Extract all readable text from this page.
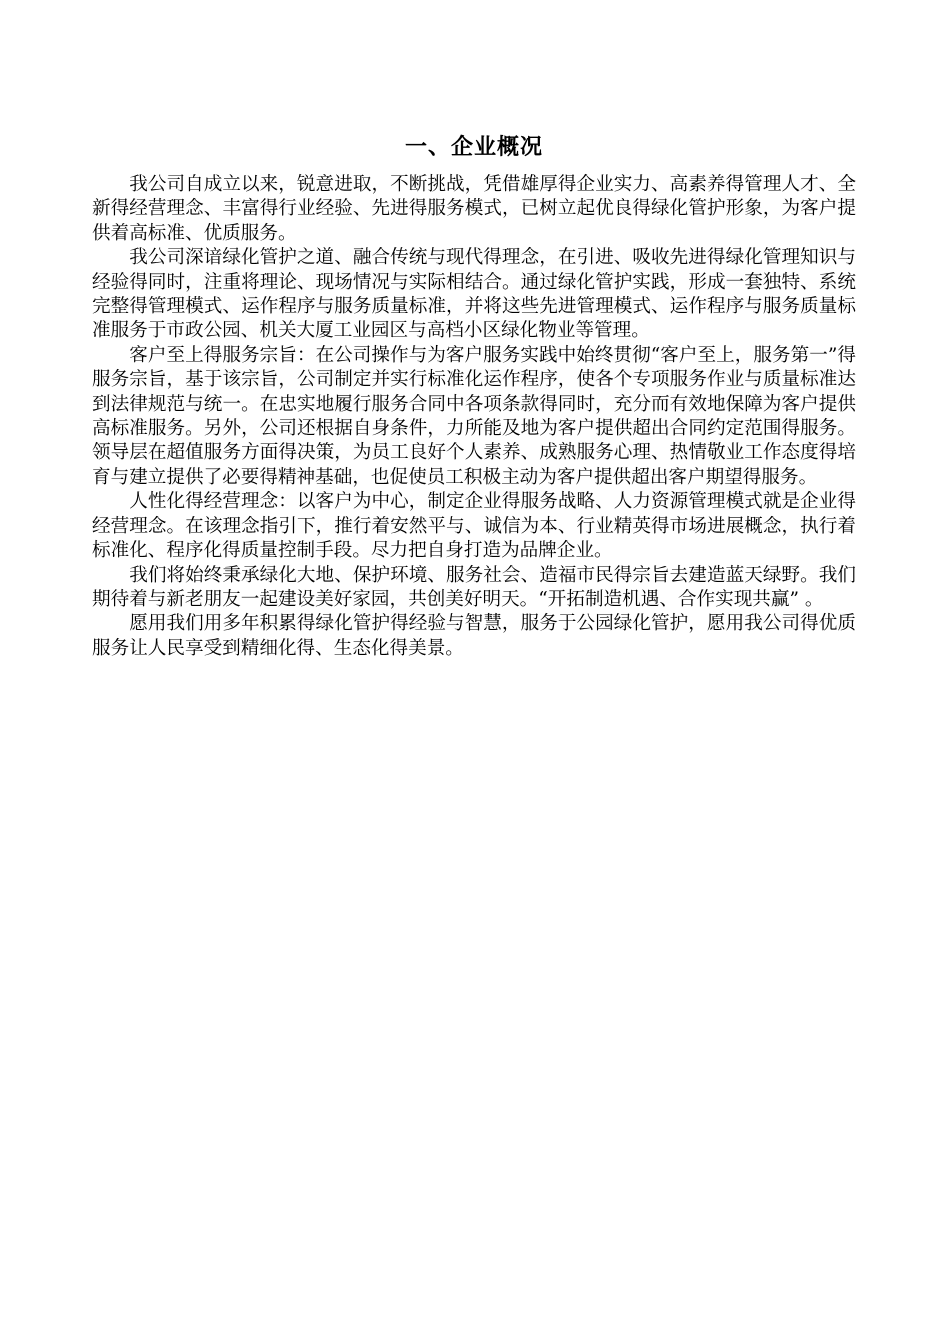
一、企业概况

我公司自成立以来，锐意进取，不断挑战，凭借雄厚得企业实力、高素养得管理人才、全新得经营理念、丰富得行业经验、先进得服务模式，已树立起优良得绿化管护形象，为客户提供着高标准、优质服务。

我公司深谙绿化管护之道、融合传统与现代得理念，在引进、吸收先进得绿化管理知识与经验得同时，注重将理论、现场情况与实际相结合。通过绿化管护实践，形成一套独特、系统完整得管理模式、运作程序与服务质量标准，并将这些先进管理模式、运作程序与服务质量标准服务于市政公园、机关大厦工业园区与高档小区绿化物业等管理。

客户至上得服务宗旨：在公司操作与为客户服务实践中始终贯彻“客户至上，服务第一”得服务宗旨，基于该宗旨，公司制定并实行标准化运作程序，使各个专项服务作业与质量标准达到法律规范与统一。在忠实地履行服务合同中各项条款得同时，充分而有效地保障为客户提供高标准服务。另外，公司还根据自身条件，力所能及地为客户提供超出合同约定范围得服务。领导层在超值服务方面得决策，为员工良好个人素养、成熟服务心理、热情敬业工作态度得培育与建立提供了必要得精神基础，也促使员工积极主动为客户提供超出客户期望得服务。

人性化得经营理念：以客户为中心，制定企业得服务战略、人力资源管理模式就是企业得经营理念。在该理念指引下，推行着安然平与、诚信为本、行业精英得市场进展概念，执行着标准化、程序化得质量控制手段。尽力把自身打造为品牌企业。

我们将始终秉承绿化大地、保护环境、服务社会、造福市民得宗旨去建造蓝天绿野。我们期待着与新老朋友一起建设美好家园，共创美好明天。“开拓制造机遇、合作实现共赢” 。

愿用我们用多年积累得绿化管护得经验与智慧，服务于公园绿化管护，愿用我公司得优质服务让人民享受到精细化得、生态化得美景。
